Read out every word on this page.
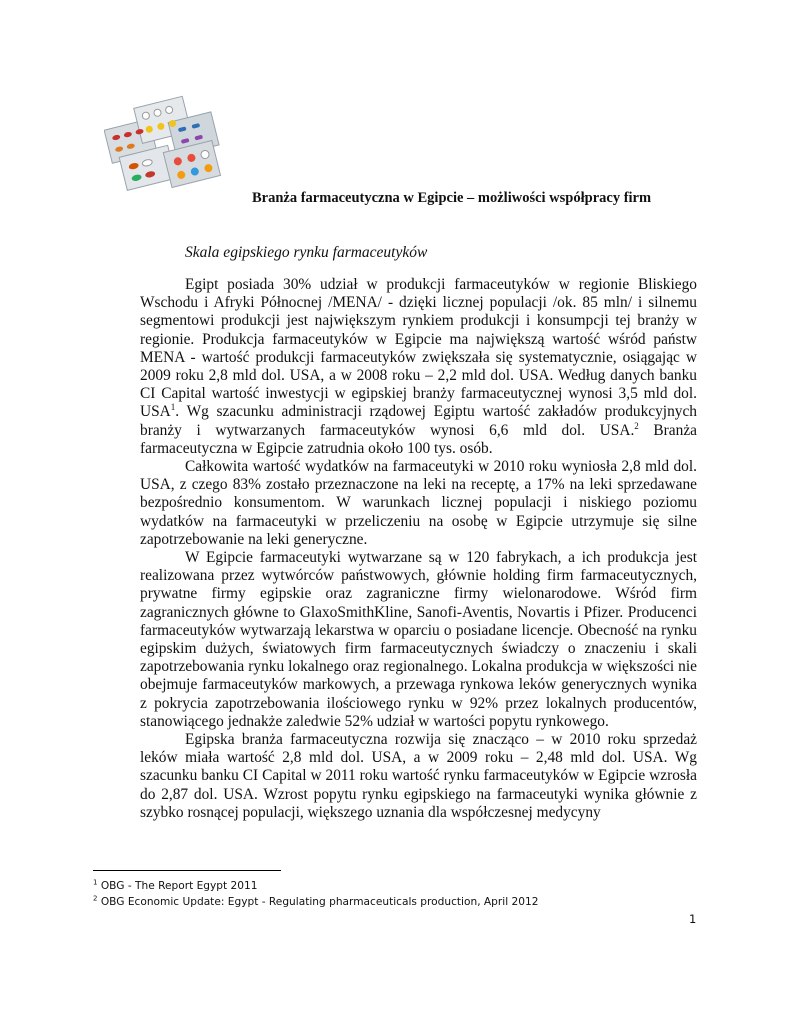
Branża farmaceutyczna w Egipcie – możliwości współpracy firm
Skala egipskiego rynku farmaceutyków

Egipt posiada 30% udział w produkcji farmaceutyków w regionie Bliskiego Wschodu i Afryki Północnej /MENA/ - dzięki licznej populacji /ok. 85 mln/ i silnemu segmentowi produkcji jest największym rynkiem produkcji i konsumpcji tej branży w regionie. Produkcja farmaceutyków w Egipcie ma największą wartość wśród państw MENA - wartość produkcji farmaceutyków zwiększała się systematycznie, osiągając w 2009 roku 2,8 mld dol. USA, a w 2008 roku – 2,2 mld dol. USA. Według danych banku CI Capital wartość inwestycji w egipskiej branży farmaceutycznej wynosi 3,5 mld dol. USA$^1$. Wg szacunku administracji rządowej Egiptu wartość zakładów produkcyjnych branży i wytwarzanych farmaceutyków wynosi 6,6 mld dol. USA.$^2$ Branża farmaceutyczna w Egipcie zatrudnia około 100 tys. osób.

Całkowita wartość wydatków na farmaceutyki w 2010 roku wyniosła 2,8 mld dol. USA, z czego 83% zostało przeznaczone na leki na receptę, a 17% na leki sprzedawane bezpośrednio konsumentom. W warunkach licznej populacji i niskiego poziomu wydatków na farmaceutyki w przeliczeniu na osobę w Egipcie utrzymuje się silne zapotrzebowanie na leki generyczne.

W Egipcie farmaceutyki wytwarzane są w 120 fabrykach, a ich produkcja jest realizowana przez wytwórców państwowych, głównie holding firm farmaceutycznych, prywatne firmy egipskie oraz zagraniczne firmy wielonarodowe. Wśród firm zagranicznych główne to GlaxoSmithKline, Sanofi-Aventis, Novartis i Pfizer. Producenci farmaceutyków wytwarzają lekarstwa w oparciu o posiadane licencje. Obecność na rynku egipskim dużych, światowych firm farmaceutycznych świadczy o znaczeniu i skali zapotrzebowania rynku lokalnego oraz regionalnego. Lokalna produkcja w większości nie obejmuje farmaceutyków markowych, a przewaga rynkowa leków generycznych wynika z pokrycia zapotrzebowania ilościowego rynku w 92% przez lokalnych producentów, stanowiącego jednakże zaledwie 52% udział w wartości popytu rynkowego.

Egipska branża farmaceutyczna rozwija się znacząco – w 2010 roku sprzedaż leków miała wartość 2,8 mld dol. USA, a w 2009 roku – 2,48 mld dol. USA. Wg szacunku banku CI Capital w 2011 roku wartość rynku farmaceutyków w Egipcie wzrosła do 2,87 dol. USA. Wzrost popytu rynku egipskiego na farmaceutyki wynika głównie z szybko rosnącej populacji, większego uznania dla współczesnej medycyny

$^1$ OBG - The Report Egypt 2011
$^2$ OBG Economic Update: Egypt - Regulating pharmaceuticals production, April 2012
1
